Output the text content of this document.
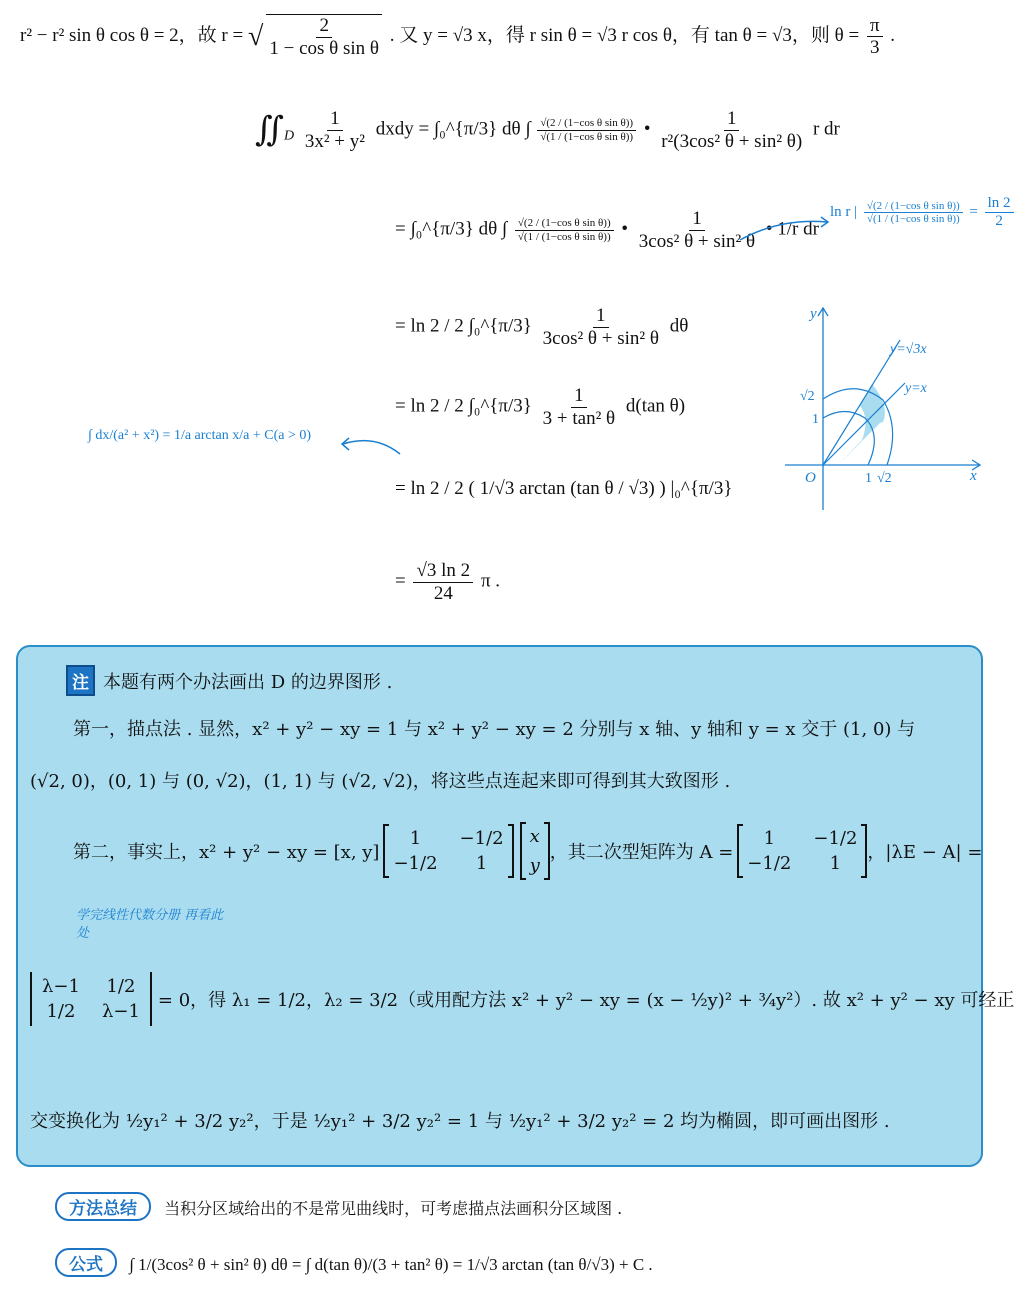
r² − r² sin θ cos θ = 2，故 r = √ $\frac{2}{\text{1 − cos θ sin θ}}$ . 又 y = √3 x，得 r sin θ = √3 r cos θ，有 tan θ = √3，则 $\theta = \frac{\pi}{3}$ .
$∬_D \frac{1}{\text{3x² + y²}}$ dxdy = ∫₀^{π/3} dθ ∫ $\frac{\text{√(2 / (1−cos θ sin θ))}}{\text{√(1 / (1−cos θ sin θ))}}$ • $\frac{1}{\text{r²(3cos² θ + sin² θ)}}$ r dr
= ∫₀^{π/3} dθ ∫ $\frac{\text{√(2 / (1−cos θ sin θ))}}{\text{√(1 / (1−cos θ sin θ))}}$ • $\frac{1}{\text{3cos² θ + sin² θ}}$ • 1/r dr
ln r | $\frac{\text{√(2 / (1−cos θ sin θ))}}{\text{√(1 / (1−cos θ sin θ))}} = \frac{\ln 2}{2}$
= ln 2 / 2 ∫₀^{π/3} $\frac{1}{\text{3cos² θ + sin² θ}}$ dθ
= ln 2 / 2 ∫₀^{π/3} $\frac{1}{\text{3 + tan² θ}} d(\tan$ θ)
∫ dx/(a² + x²) = 1/a arctan x/a + C(a > 0)
= ln 2 / 2 ( 1/√3 arctan (tan θ / √3) ) |₀^{π/3}
= $\frac{√3 \ln 2}{24}$ π .
y
x
O	1 √2
1
√2
y=√3x
y=x
注 本题有两个办法画出 D 的边界图形 .
第一，描点法 . 显然，x² + y² − xy = 1 与 x² + y² − xy = 2 分别与 x 轴、y 轴和 y = x 交于 (1, 0) 与
(√2, 0)，(0, 1) 与 (0, √2)，(1, 1) 与 (√2, √2)，将这些点连起来即可得到其大致图形 .
第二，事实上，x² + y² − xy = [x, y]
1 −1/2
−1/2 1
x
y
，其二次型矩阵为 A =
1 −1/2
−1/2 1
，|λE − A| =
学完线性代数分册 再看此处
λ−1 1/2
1/2 λ−1
= 0，得 λ₁ = 1/2，λ₂ = 3/2（或用配方法 x² + y² − xy = (x − ½y)² + ¾y²）. 故 x² + y² − xy 可经正
交变换化为 ½y₁² + 3/2 y₂²，于是 ½y₁² + 3/2 y₂² = 1 与 ½y₁² + 3/2 y₂² = 2 均为椭圆，即可画出图形 .
方法总结 当积分区域给出的不是常见曲线时，可考虑描点法画积分区域图 .
公式 ∫ 1/(3cos² θ + sin² θ) dθ = ∫ d(tan θ)/(3 + tan² θ) = 1/√3 arctan (tan θ/√3) + C .
